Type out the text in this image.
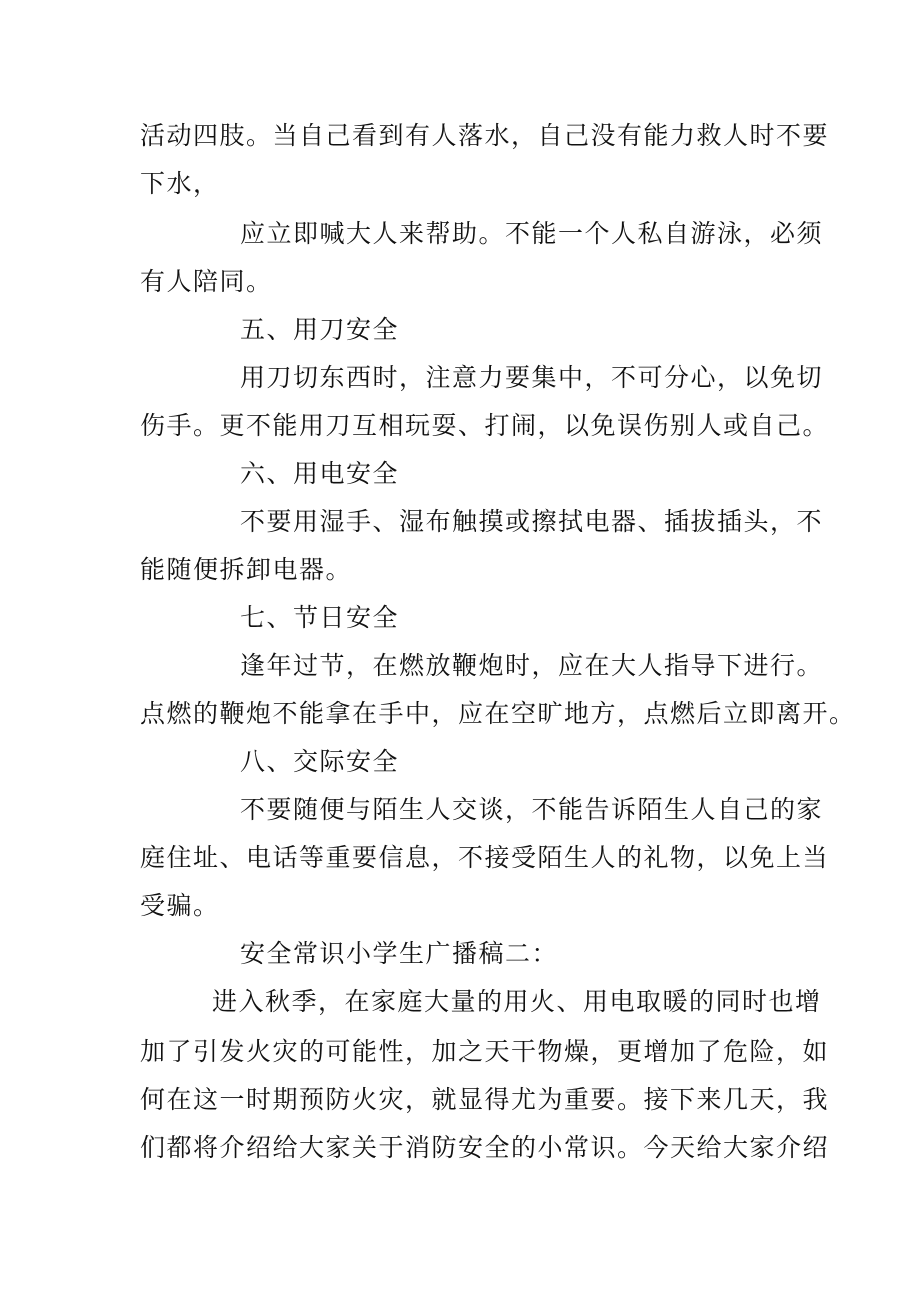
活动四肢。当自己看到有人落水，自己没有能力救人时不要
下水，
应立即喊大人来帮助。不能一个人私自游泳，必须
有人陪同。
五、用刀安全
用刀切东西时，注意力要集中，不可分心，以免切
伤手。更不能用刀互相玩耍、打闹，以免误伤别人或自己。
六、用电安全
不要用湿手、湿布触摸或擦拭电器、插拔插头，不
能随便拆卸电器。
七、节日安全
逢年过节，在燃放鞭炮时，应在大人指导下进行。
点燃的鞭炮不能拿在手中，应在空旷地方，点燃后立即离开。
八、交际安全
不要随便与陌生人交谈，不能告诉陌生人自己的家
庭住址、电话等重要信息，不接受陌生人的礼物，以免上当
受骗。
安全常识小学生广播稿二：
进入秋季，在家庭大量的用火、用电取暖的同时也增
加了引发火灾的可能性，加之天干物燥，更增加了危险，如
何在这一时期预防火灾，就显得尤为重要。接下来几天，我
们都将介绍给大家关于消防安全的小常识。今天给大家介绍
